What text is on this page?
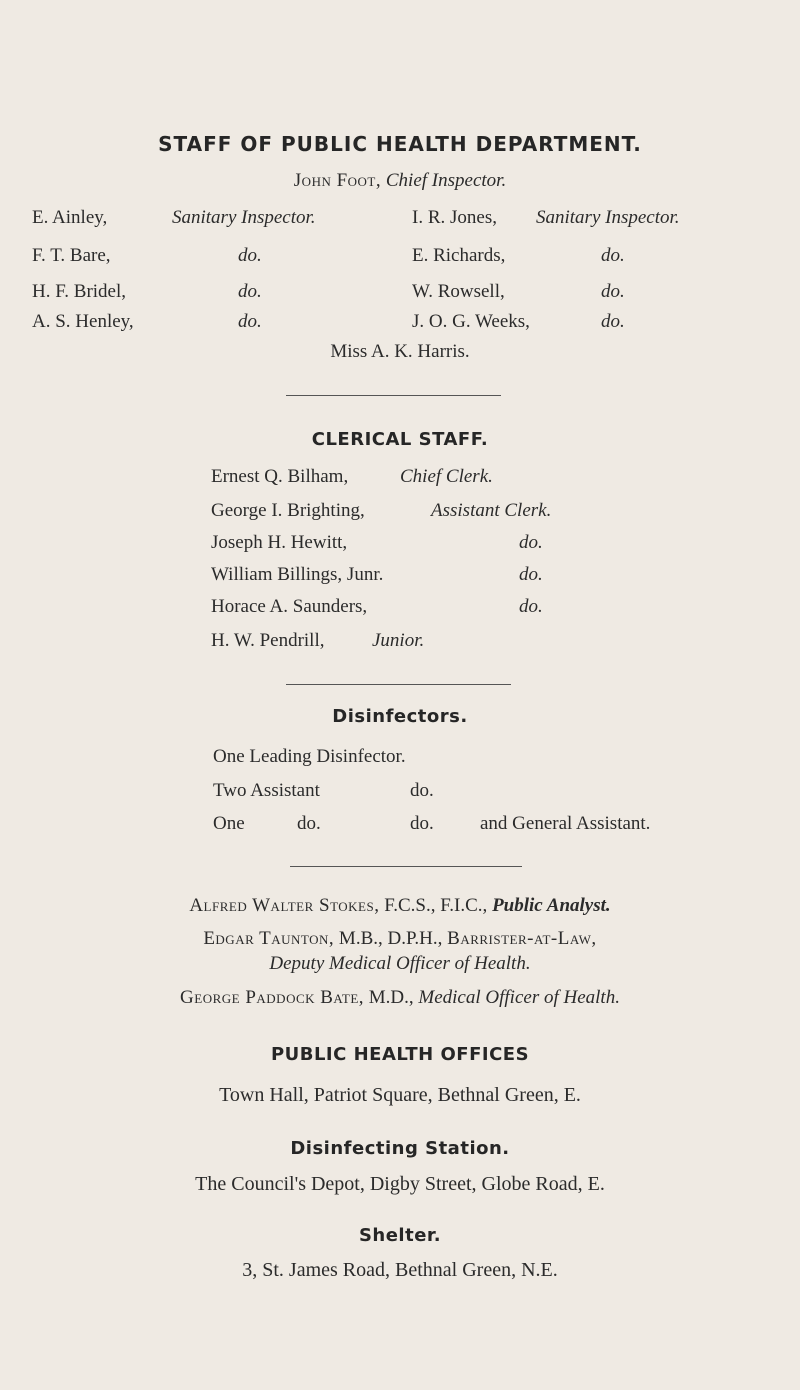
STAFF OF PUBLIC HEALTH DEPARTMENT.
John Foot, Chief Inspector.
E. Ainley,	Sanitary Inspector.
F. T. Bare,	do.
H. F. Bridel,	do.
A. S. Henley,	do.
I. R. Jones, Sanitary Inspector.
E. Richards,	do.
W. Rowsell,	do.
J. O. G. Weeks,	do.
Miss A. K. Harris.
CLERICAL STAFF.
Ernest Q. Bilham,	Chief Clerk.
George I. Brighting,	Assistant Clerk.
Joseph H. Hewitt,	do.
William Billings, Junr.	do.
Horace A. Saunders,	do.
H. W. Pendrill,	Junior.
Disinfectors.
One Leading Disinfector.
Two Assistant	do.
One	do.	do. and General Assistant.
Alfred Walter Stokes, F.C.S., F.I.C., Public Analyst.
Edgar Taunton, M.B., D.P.H., Barrister-at-Law,
Deputy Medical Officer of Health.
George Paddock Bate, M.D., Medical Officer of Health.
PUBLIC HEALTH OFFICES
Town Hall, Patriot Square, Bethnal Green, E.
Disinfecting Station.
The Council's Depot, Digby Street, Globe Road, E.
Shelter.
3, St. James Road, Bethnal Green, N.E.
